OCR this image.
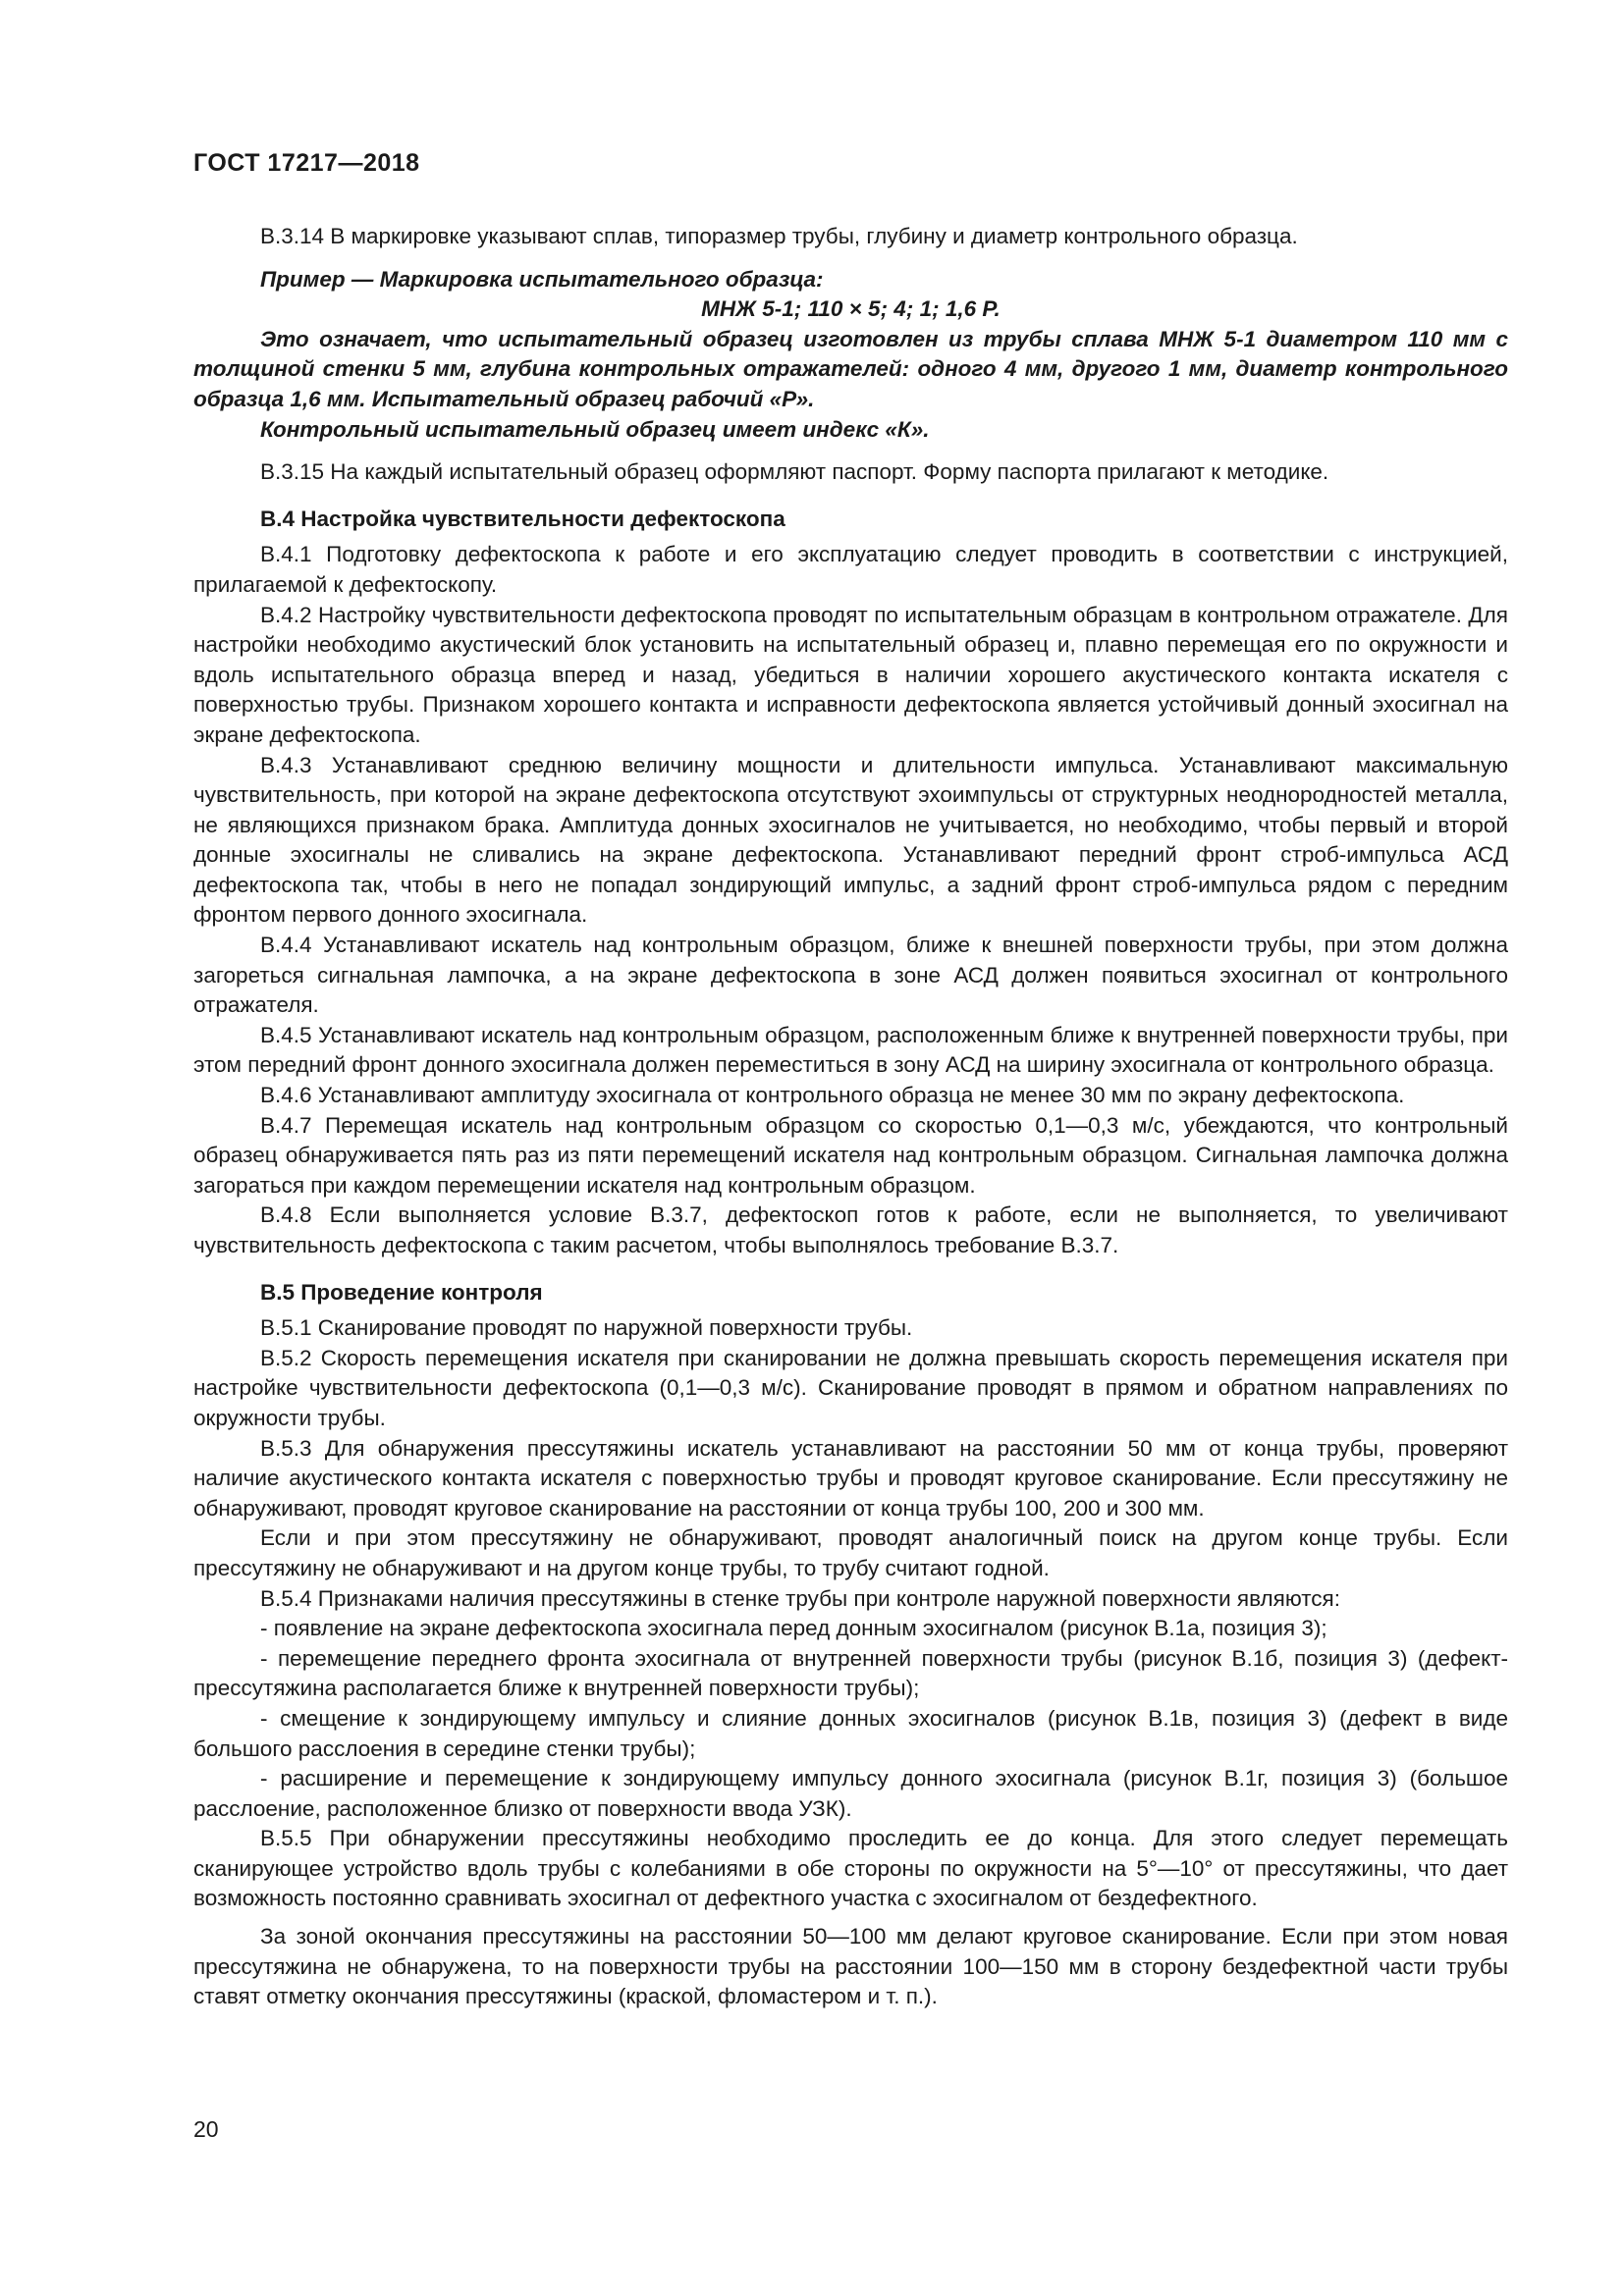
ГОСТ 17217—2018

В.3.14 В маркировке указывают сплав, типоразмер трубы, глубину и диаметр контрольного образца.

Пример — Маркировка испытательного образца:

МНЖ 5-1; 110 × 5; 4; 1; 1,6 Р.

Это означает, что испытательный образец изготовлен из трубы сплава МНЖ 5-1 диаметром 110 мм с толщиной стенки 5 мм, глубина контрольных отражателей: одного 4 мм, другого 1 мм, диаметр контрольного образца 1,6 мм. Испытательный образец рабочий «Р».

Контрольный испытательный образец имеет индекс «К».

В.3.15 На каждый испытательный образец оформляют паспорт. Форму паспорта прилагают к методике.

В.4 Настройка чувствительности дефектоскопа

В.4.1 Подготовку дефектоскопа к работе и его эксплуатацию следует проводить в соответствии с инструкцией, прилагаемой к дефектоскопу.

В.4.2 Настройку чувствительности дефектоскопа проводят по испытательным образцам в контрольном отражателе. Для настройки необходимо акустический блок установить на испытательный образец и, плавно перемещая его по окружности и вдоль испытательного образца вперед и назад, убедиться в наличии хорошего акустического контакта искателя с поверхностью трубы. Признаком хорошего контакта и исправности дефектоскопа является устойчивый донный эхосигнал на экране дефектоскопа.

В.4.3 Устанавливают среднюю величину мощности и длительности импульса. Устанавливают максимальную чувствительность, при которой на экране дефектоскопа отсутствуют эхоимпульсы от структурных неоднородностей металла, не являющихся признаком брака. Амплитуда донных эхосигналов не учитывается, но необходимо, чтобы первый и второй донные эхосигналы не сливались на экране дефектоскопа. Устанавливают передний фронт строб-импульса АСД дефектоскопа так, чтобы в него не попадал зондирующий импульс, а задний фронт строб-импульса рядом с передним фронтом первого донного эхосигнала.

В.4.4 Устанавливают искатель над контрольным образцом, ближе к внешней поверхности трубы, при этом должна загореться сигнальная лампочка, а на экране дефектоскопа в зоне АСД должен появиться эхосигнал от контрольного отражателя.

В.4.5 Устанавливают искатель над контрольным образцом, расположенным ближе к внутренней поверхности трубы, при этом передний фронт донного эхосигнала должен переместиться в зону АСД на ширину эхосигнала от контрольного образца.

В.4.6 Устанавливают амплитуду эхосигнала от контрольного образца не менее 30 мм по экрану дефектоскопа.

В.4.7 Перемещая искатель над контрольным образцом со скоростью 0,1—0,3 м/с, убеждаются, что контрольный образец обнаруживается пять раз из пяти перемещений искателя над контрольным образцом. Сигнальная лампочка должна загораться при каждом перемещении искателя над контрольным образцом.

В.4.8 Если выполняется условие В.3.7, дефектоскоп готов к работе, если не выполняется, то увеличивают чувствительность дефектоскопа с таким расчетом, чтобы выполнялось требование В.3.7.

В.5 Проведение контроля

В.5.1 Сканирование проводят по наружной поверхности трубы.

В.5.2 Скорость перемещения искателя при сканировании не должна превышать скорость перемещения искателя при настройке чувствительности дефектоскопа (0,1—0,3 м/с). Сканирование проводят в прямом и обратном направлениях по окружности трубы.

В.5.3 Для обнаружения прессутяжины искатель устанавливают на расстоянии 50 мм от конца трубы, проверяют наличие акустического контакта искателя с поверхностью трубы и проводят круговое сканирование. Если прессутяжину не обнаруживают, проводят круговое сканирование на расстоянии от конца трубы 100, 200 и 300 мм.

Если и при этом прессутяжину не обнаруживают, проводят аналогичный поиск на другом конце трубы. Если прессутяжину не обнаруживают и на другом конце трубы, то трубу считают годной.

В.5.4 Признаками наличия прессутяжины в стенке трубы при контроле наружной поверхности являются:

- появление на экране дефектоскопа эхосигнала перед донным эхосигналом (рисунок В.1а, позиция 3);

- перемещение переднего фронта эхосигнала от внутренней поверхности трубы (рисунок В.1б, позиция 3) (дефект-прессутяжина располагается ближе к внутренней поверхности трубы);

- смещение к зондирующему импульсу и слияние донных эхосигналов (рисунок В.1в, позиция 3) (дефект в виде большого расслоения в середине стенки трубы);

- расширение и перемещение к зондирующему импульсу донного эхосигнала (рисунок В.1г, позиция 3) (большое расслоение, расположенное близко от поверхности ввода УЗК).

В.5.5 При обнаружении прессутяжины необходимо проследить ее до конца. Для этого следует перемещать сканирующее устройство вдоль трубы с колебаниями в обе стороны по окружности на 5°—10° от прессутяжины, что дает возможность постоянно сравнивать эхосигнал от дефектного участка с эхосигналом от бездефектного.

За зоной окончания прессутяжины на расстоянии 50—100 мм делают круговое сканирование. Если при этом новая прессутяжина не обнаружена, то на поверхности трубы на расстоянии 100—150 мм в сторону бездефектной части трубы ставят отметку окончания прессутяжины (краской, фломастером и т. п.).

20
